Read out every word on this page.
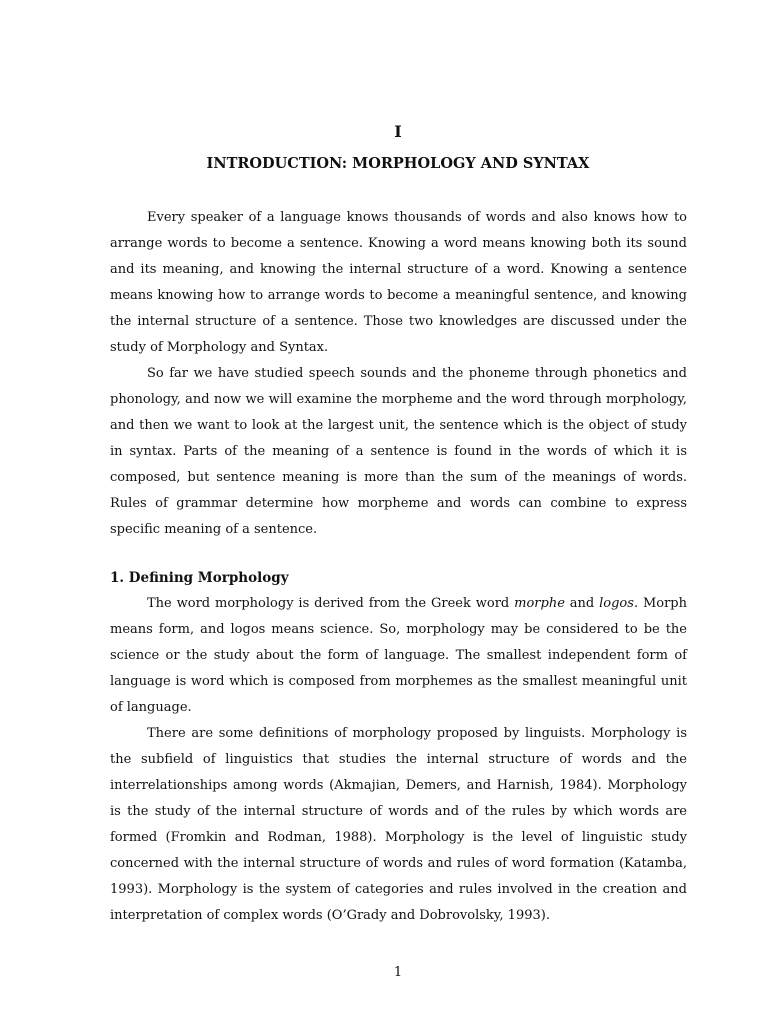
I
INTRODUCTION: MORPHOLOGY AND SYNTAX

Every speaker of a language knows thousands of words and also knows how to arrange words to become a sentence. Knowing a word means knowing both its sound and its meaning, and knowing the internal structure of a word. Knowing a sentence means knowing how to arrange words to become a meaningful sentence, and knowing the internal structure of a sentence. Those two knowledges are discussed under the study of Morphology and Syntax.

So far we have studied speech sounds and the phoneme through phonetics and phonology, and now we will examine the morpheme and the word through morphology, and then we want to look at the largest unit, the sentence which is the object of study in syntax. Parts of the meaning of a sentence is found in the words of which it is composed, but sentence meaning is more than the sum of the meanings of words. Rules of grammar determine how morpheme and words can combine to express specific meaning of a sentence.

1. Defining Morphology

The word morphology is derived from the Greek word morphe and logos. Morph means form, and logos means science. So, morphology may be considered to be the science or the study about the form of language. The smallest independent form of language is word which is composed from morphemes as the smallest meaningful unit of language.

There are some definitions of morphology proposed by linguists. Morphology is the subfield of linguistics that studies the internal structure of words and the interrelationships among words (Akmajian, Demers, and Harnish, 1984). Morphology is the study of the internal structure of words and of the rules by which words are formed (Fromkin and Rodman, 1988). Morphology is the level of linguistic study concerned with the internal structure of words and rules of word formation (Katamba, 1993). Morphology is the system of categories and rules involved in the creation and interpretation of complex words (O’Grady and Dobrovolsky, 1993).

1
